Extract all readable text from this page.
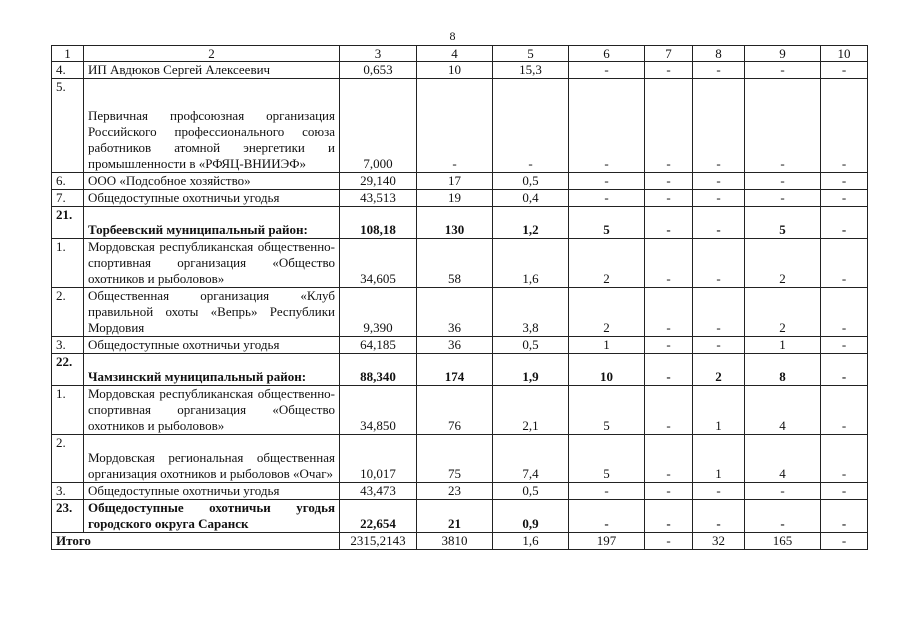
8
1	2	3	4	5	6	7	8	9	10
4.	ИП Авдюков Сергей Алексеевич	0,653	10	15,3	-	-	-	-	-
5.	Первичная профсоюзная организация Российского профессионального союза работников атомной энергетики и промышленности в «РФЯЦ-ВНИИЭФ»	7,000	-	-	-	-	-	-	-
6.	ООО «Подсобное хозяйство»	29,140	17	0,5	-	-	-	-	-
7.	Общедоступные охотничьи угодья	43,513	19	0,4	-	-	-	-	-
21.	Торбеевский муниципальный район:	108,18	130	1,2	5	-	-	5	-
1.	Мордовская республиканская общественно-спортивная организация «Общество охотников и рыболовов»	34,605	58	1,6	2	-	-	2	-
2.	Общественная организация «Клуб правильной охоты «Вепрь» Республики Мордовия	9,390	36	3,8	2	-	-	2	-
3.	Общедоступные охотничьи угодья	64,185	36	0,5	1	-	-	1	-
22.	Чамзинский муниципальный район:	88,340	174	1,9	10	-	2	8	-
1.	Мордовская республиканская общественно-спортивная организация «Общество охотников и рыболовов»	34,850	76	2,1	5	-	1	4	-
2.	Мордовская региональная общественная организация охотников и рыболовов «Очаг»	10,017	75	7,4	5	-	1	4	-
3.	Общедоступные охотничьи угодья	43,473	23	0,5	-	-	-	-	-
23.	Общедоступные охотничьи угодья городского округа Саранск	22,654	21	0,9	-	-	-	-	-
Итого		2315,2143	3810	1,6	197	-	32	165	-
